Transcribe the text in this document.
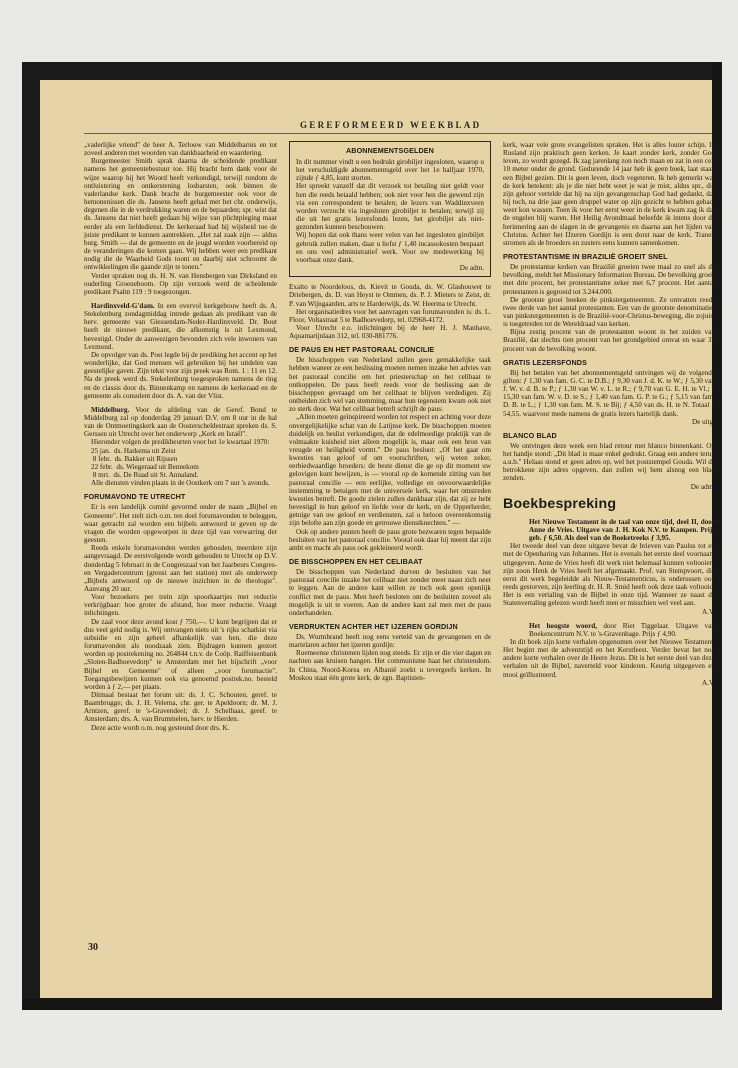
GEREFORMEERD WEEKBLAD

„vaderlijke vriend" de heer A. Terlouw van Middelharnis en tot zoveel anderen met woorden van dankbaarheid en waardering.

Burgemeester Smith sprak daarna de scheidende predikant namens het gemeentebestuur toe. Hij bracht hem dank voor de wijze waarop hij het Woord heeft verkondigd, terwijl rondom de ontluistering en ontkerstening losbarsten, ook binnen de vaderlandse kerk. Dank bracht de burgemeester ook voor de hemonenissen die ds. Jansens heeft gehad met het chr. onderwijs, degenen die in de verdrukking waren en de bepaarden; spr. wist dat ds. Jansens dat niet heeft gedaan bij wijze van plichtpleging maar eerder als een liefdedienst. De kerkeraad had hij wijsheid toe de juiste predikant te kunnen aantrekken. „Het zal zaak zijn — aldus burg. Smith — dat de gemeente en de jeugd worden voorbereid op de veranderingen die komen gaan. Wij hebben weer een predikant nodig die de Waarheid Gods toont en daarbij niet schroomt de ontwikkelingen die gaande zijn te tonen."

Verder spraken nog ds. H. N. van Hensbergen van Dirksland en ouderling Groeneboom. Op zijn verzoek werd de scheidende predikant Psalm 119 : 9 toegezongen.

Hardinxveld-G'dam. In een overvol kerkgebouw heeft ds. A. Stekelenburg zondagmiddag intrede gedaan als predikant van de herv. gemeente van Giessendam-Neder-Hardinxveld. Dr. Bout heeft de nieuwe predikant, die afkomstig is uit Lexmond, bevestigd. Onder de aanwezigen bevonden zich vele inwoners van Lexmond.

De opvolger van ds. Post legde bij de prediking het accent op het wonderlijke, dat God mensen wil gebruiken bij het uitdelen van geestelijke gaven. Zijn tekst voor zijn preek was Rom. 1 : 11 en 12. Na de preek werd ds. Stekelenburg toegesproken namens de ring en de classis door ds. Binnenkamp en namens de kerkeraad en de gemeente als consulent door ds. A. van der Vlist.

Middelburg. Voor de afdeling van de Geref. Bond te Middelburg zal op donderdag 29 januari D.V. om 8 uur in de hal van de Ontmoetingskerk aan de Oosterscheldestraat spreken ds. S. Gerssen uit Utrecht over het onderwerp „Kerk en Israël".

Hieronder volgen de predikbeurten voor het 1e kwartaal 1970:

25 jan.  ds. Harkema uit Zeist

8 febr.  ds. Bakker uit Rijssen

22 febr.  ds. Wiegeraad uit Bennekom

8 mrt.  ds. De Ruad uit St. Annaland.

Alle diensten vinden plaats in de Oostkerk om 7 uur 's avonds.

FORUMAVOND TE UTRECHT

Er is een landelijk comité gevormd onder de naam „Bijbel en Gemeente". Het stelt zich o.m. ten doel forumavonden te beleggen, waar getracht zal worden een bijbels antwoord te geven op de vragen die worden opgeworpen in deze tijd van verwarring der geesten.

Reeds enkele forumavonden werden gehouden, meerdere zijn aangevraagd. De eerstvolgende wordt gehouden te Utrecht op D.V. donderdag 5 februari in de Congreszaal van het Jaarbeurs Congres- en Vergadercentrum (grenst aan het station) met als onderwerp „Bijbels antwoord op de nieuwe inzichten in de theologie". Aanvang 20 uur.

Voor bezoekers per trein zijn spoorkaartjes met reductie verkrijgbaar: hoe groter de afstand, hoe meer reductie. Vraagt inlichtingen.

De zaal voor deze avond kost ƒ 750,—. U kunt begrijpen dat er dus veel geld nodig is. Wij ontvangen niets uit 's rijks schatkist via subsidie en zijn geheel afhankelijk van hen, die deze forumavonden als noodzaak zien. Bijdragen kunnen gestort worden op postrekening no. 264844 t.n.v. de Coöp. Raiffeisenbank „Sloten-Badhoevedorp" te Amsterdam met het bijschrift „voor Bijbel en Gemeente" of alleen „voor forumactie". Toegangsbewijzen kunnen ook via genoemd postrek.no. besteld worden à ƒ 2,— per plaats.

Ditmaal bestaat het forum uit: ds. J. C. Schouten, geref. te Baambrugge; ds. J. H. Velema, chr. ger. te Apeldoorn; dr. M. J. Arntzen, geref. te 's-Gravendeel; dr. J. Schelhaas, geref. te Amsterdam; drs. A. van Brummelen, herv. te Hierden.

Deze actie wordt o.m. nog gesteund door drs. K.

ABONNEMENTSGELDEN

In dit nummer vindt u een bedrukt girobiljet ingesloten, waarop u het verschuldigde abonnementsgeld over het 1e halfjaar 1970, zijnde ƒ 4,85, kunt storten.

Het spreekt vanzelf dat dit verzoek tot betaling niet geldt voor hen die reeds betaald hebben; ook niet voor hen die gewend zijn via een correspondent te betalen; de lezers van Waddinxveen worden verzocht via ingesloten girobiljet te betalen; terwijl zij die uit het gratis lezersfonds lezen, het girobiljet als niet-gezonden kunnen beschouwen.

Wij hopen dat ook thans weer velen van het ingesloten girobiljet gebruik zullen maken, daar u liefst ƒ 1,40 incassokosten bespaart en ons veel administratief werk. Voor uw medewerking bij voorbaat onze dank.

De adm.

Exalto te Noordeloos, ds. Kievit te Gouda, ds. W. Glashouwer te Driebergen, ds. D. van Heyst te Ommen, ds. P. J. Mieters te Zeist, dr. P. van Wijngaarden, arts te Harderwijk, ds. W. Heerma te Utrecht.

Het organisatiedres voor het aanvragen van forumavonden is: ds. L. Floor, Voltastraat 5 te Badhoevedorp, tel. 02968-4172.

Voor Utrecht e.o. inlichtingen bij de heer H. J. Manhave, Aquamarijnlaan 312, tel. 030-881776.

DE PAUS EN HET PASTORAAL CONCILIE

De bisschoppen van Nederland zullen geen gemakkelijke taak hebben waneer ze een beslissing moeten nemen inzake het advies van het pastoraal concilie om het priesterschap en het celibaat te ontkoppelen. De paus heeft reeds voor de beslissing aan de bisschoppen gevraagd om het celibaat te blijven verdedigen. Zij ontheiden zich wel van stemming, maar hun tegenstem kwam ook niet zo sterk door. Wat het celibaat betreft schrijft de paus:

„Allen moeten geïnspireerd worden tot respect en achting voor deze onvergelijkelijke schat van de Latijnse kerk. De bisschoppen moeten duidelijk en beslist verkondigen, dat de edelmoedige praktijk van de volmaakte kuisheid niet alleen mogelijk is, maar ook een bron van vreugde en heiligheid vormt." De paus besluot: „Of het gaat om kwesties van geloof of om voorschriften, wij weten zeker, eerbiedwaardige broeders: de beste dienst die ge op dit moment uw gelovigen kunt bewijzen, is — vooral op de komende zitting van het pastoraal concilie — een eerlijke, volledige en onvoorwaardelijke instemming te betuigen met de universele kerk, waar het omstreden kwesties betreft. De goede zielen zullen dankbaar zijn, dat zij ze hebt bevestigd in hun geloof en liefde voor de kerk, en de Opperherder, getuige van uw geloof en verdiensten, zal u beloon overeenkomstig zijn belofte aan zijn goede en getrouwe dienstknechten." —

Ook op andere punten heeft de paus grote bezwaren tegen bepaalde besluiten van het pastoraal concilie. Vooral ook daar hij meent dat zijn ambt en macht als paus ook gekleineerd wordt.

DE BISSCHOPPEN EN HET CELIBAAT

De bisschoppen van Nederland durven de besluiten van het pastoraal concilie inzake het celibaat niet zonder meer naast zich neer te leggen. Aan de andere kant willen ze toch ook geen openlijk conflict met de paus. Men heeft besloten om de besluiten zoveel als mogelijk is uit te voeren. Aan de andere kant zal men met de paus onderhandelen.

VERDRUKTEN ACHTER HET IJZEREN GORDIJN

Ds. Wurmbrand heeft nog eens verteld van de gevangenen en de martelaren achter het ijzeren gordijn:

Roemeense christenen lijden nog steeds. Er zijn er die vier dagen en nachten aan kruisen hangen. Het communisme haat het christendom. In China, Noord-Korea en Albanië zoekt u tevergeefs kerken. In Moskou staat één grote kerk, de zgn. Baptisten-

kerk, waar vele grote evangelisten spraken. Het is alles louter schijn. In Rusland zijn praktisch geen kerken. Je kaart zonder kerk, zonder God leven, zo wordt gezegd. Ik zag jarenlang zon noch maan en zat in een cel, 10 meter onder de grond. Gedurende 14 jaar heb ik geen boek, laat staan een Bijbel gezien. Dit is geen leven, doch vegeteren. Ik heb gemerkt wat de kerk betekent: als je die niet hebt weet je wat je mist, aldus spr., die zijn gehoor vertelde dat hij na zijn gevangenschap God had gedankt, dat hij toch, na drie jaar geen druppel water op zijn gezicht te hebben gehad, weer kon wassen. Toen ik voor het eerst weer in de kerk kwam zag ik dat de engelen blij waren. Het Heilig Avondmaal beleefde ik intens door de herinnering aan de slagen in de gevangenis en daarna aan het lijden van Christus. Achter het IJzeren Gordijn is een dorst naar de kerk. Tranen stromen als de broeders en zusters eens kunnen samenkomen.

PROTESTANTISME IN BRAZILIË GROEIT SNEL

De protestantse kerken van Brazilië groeien twee maal zo snel als de bevolking, meldt het Missionary Information Bureau. De bevolking groeit met drie procent, het protestantisme zeker met 6,7 procent. Het aantal protestanten is gegroeid tot 3.244.000.

De grootste groei hoeken de pinkstergemeenten. Ze omvatten reeds twee derde van het aantal protestanten. Een van de grootste denominaties van pinkstergemeenten is de Braziliё-voor-Christus-beweging, die zojuist is toegetreden tot de Wereldraad van kerken.

Bijna zestig procent van de protestanten woont in het zuiden van Brazilië, dat slechts tien procent van het grondgebied omvat en waar 37 procent van de bevolking woont.

GRATIS LEZERSFONDS

Bij het betalen van het abonnementsgeld ontvingen wij de volgende giften: ƒ 1,30 van fam. G. C. te D.B.; ƒ 9,30 van J. d. K. te W.; ƒ 5,30 van J. W. v. d. B. te P.; ƒ 1,30 van W. v. L. te R.; ƒ 9,70 van G. E. H. te Vl.; ƒ 15,30 van fam. W. v. D. te S.; ƒ 1,40 van fam. G. P. te G.; ƒ 5,15 van fam. D. B. te L.; ƒ 1,30 van fam. M. S. te Bij; ƒ 4,50 van ds. H. te N. Totaal ƒ 54,55, waarvoor mede namens de gratis lezers hartelijk dank.

De uitg.

BLANCO BLAD

We ontvingen deze week een blad retour met blanco binnenkant. Op het handje stond: „Dit blad is maar enkel gedrukt. Graag een andere terug a.u.b." Helaas stond er geen adres op, wel het poststempel Gouda. Wil de betrokkene zijn adres opgeven, dan zullen wij hem alsnog een blad zenden.

De adm.

Boekbespreking

Het Nieuwe Testament in de taal van onze tijd, deel II, door Anne de Vries. Uitgave van J. H. Kok N.V. te Kampen. Prijs geb. ƒ 6,50. Als deel van de Boeketreeks ƒ 3,95.

Het tweede deel van deze uitgave bevat de brieven van Paulus tot en met de Openbaring van Johannes. Het is evenals het eerste deel voornaam uitgegeven. Anne de Vries heeft dit werk niet helemaal kunnen voltooien, zijn zoon Henk de Vries heeft het afgemaakt. Prof. van Stempvoort, die eerst dit werk begeleidde als Nieuw-Testamenticus, is onderussen ook reeds gestorven, zijn leerling dr. H. R. Smid heeft ook deze taak voltooid. Het is een vertaling van de Bijbel in onze tijd. Wanneer ze naast de Statenvertaling gelezen wordt heeft men er misschien wel veel aan.

A.V.

Het hoogste woord, door Riet Tiggelaar. Uitgave van Boekencentrum N.V. te 's-Gravenhage. Prijs ƒ 4,90.

In dit boek zijn korte verhalen opgenomen over het Nieuwe Testament. Het begint met de adventstijd en het Kerstfeest. Verder bevat het nog andere korte verhalen over de Heere Jezus. Dit is het eerste deel van deze verhalen uit de Bijbel, naverteld voor kinderen. Keurig uitgegeven en mooi geïllustreerd.

A.V.

30
